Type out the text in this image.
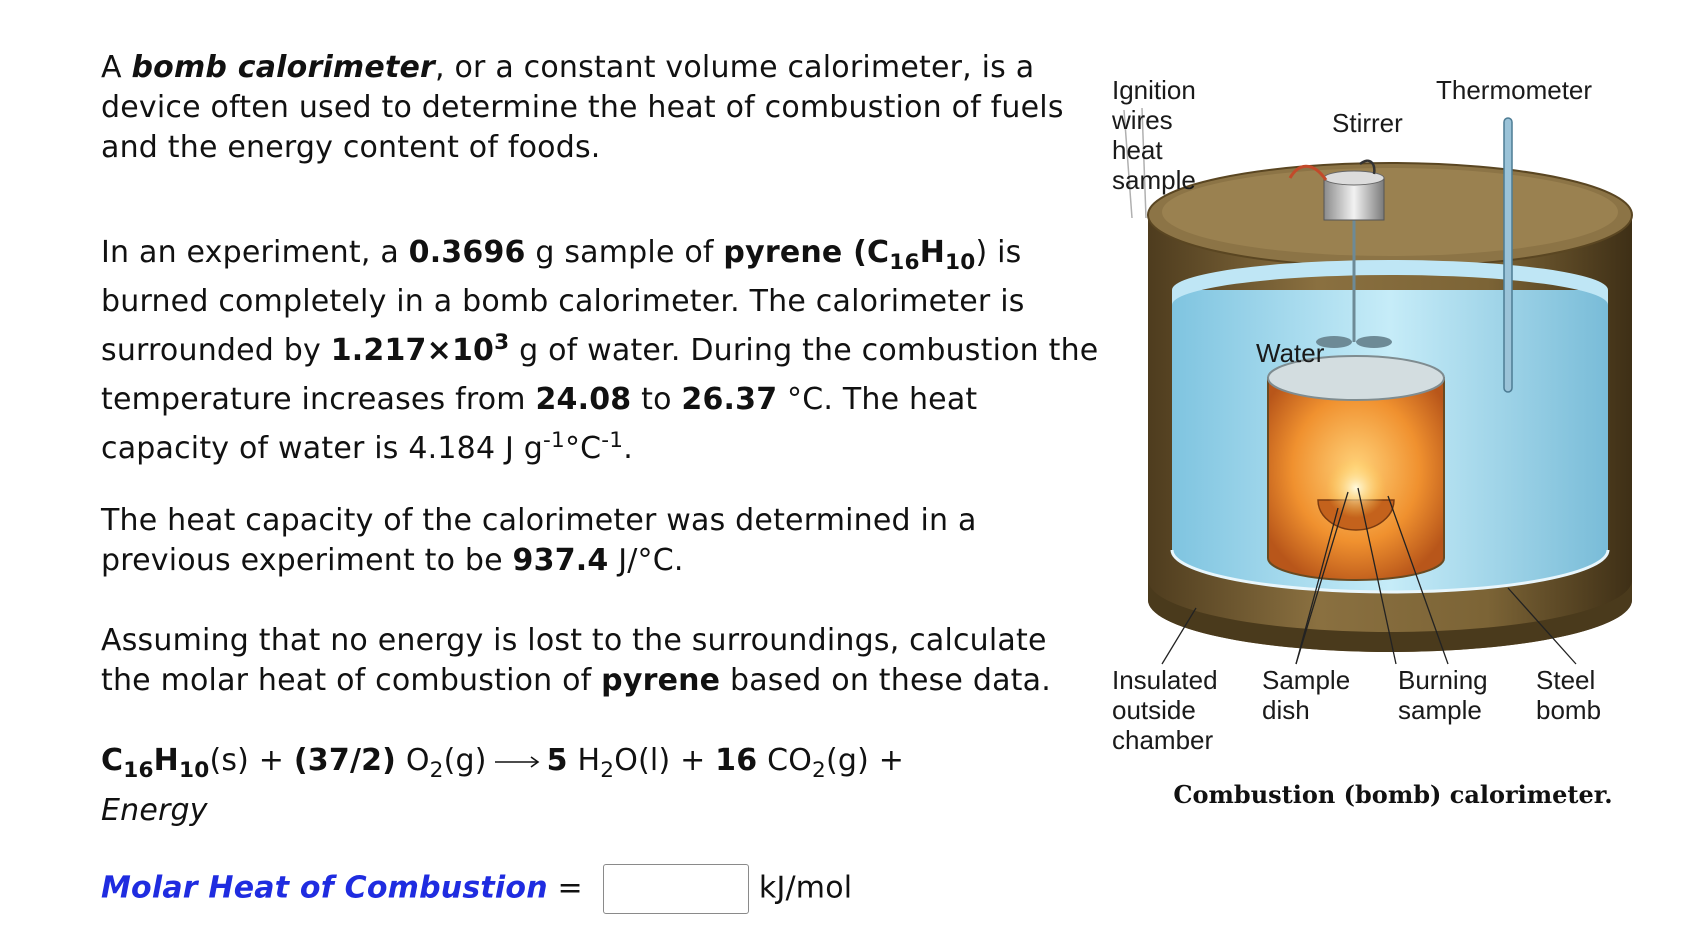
A bomb calorimeter, or a constant volume calorimeter, is a device often used to determine the heat of combustion of fuels and the energy content of foods.

In an experiment, a 0.3696 g sample of pyrene $(C_{16}H_{10})$ is burned completely in a bomb calorimeter. The calorimeter is surrounded by $1.217\times 10^3$ g of water. During the combustion the temperature increases from 24.08 to 26.37 °C. The heat capacity of water is 4.184 J $g^{-1}^\circ C^{-1}$.

The heat capacity of the calorimeter was determined in a previous experiment to be 937.4 J/°C.

Assuming that no energy is lost to the surroundings, calculate the molar heat of combustion of pyrene based on these data.

$C_{16}H_{10}(s) + (37/2) O_2(g) \to 5$ $H_2O(l) + 16$ $CO_2(g)$ +
Energy

Molar Heat of Combustion =	kJ/mol

Ignition
wires
heat
sample
Thermometer
Stirrer
Water
Insulated
outside
chamber
Sample
dish
Burning
sample
Steel
bomb
Combustion (bomb) calorimeter.
